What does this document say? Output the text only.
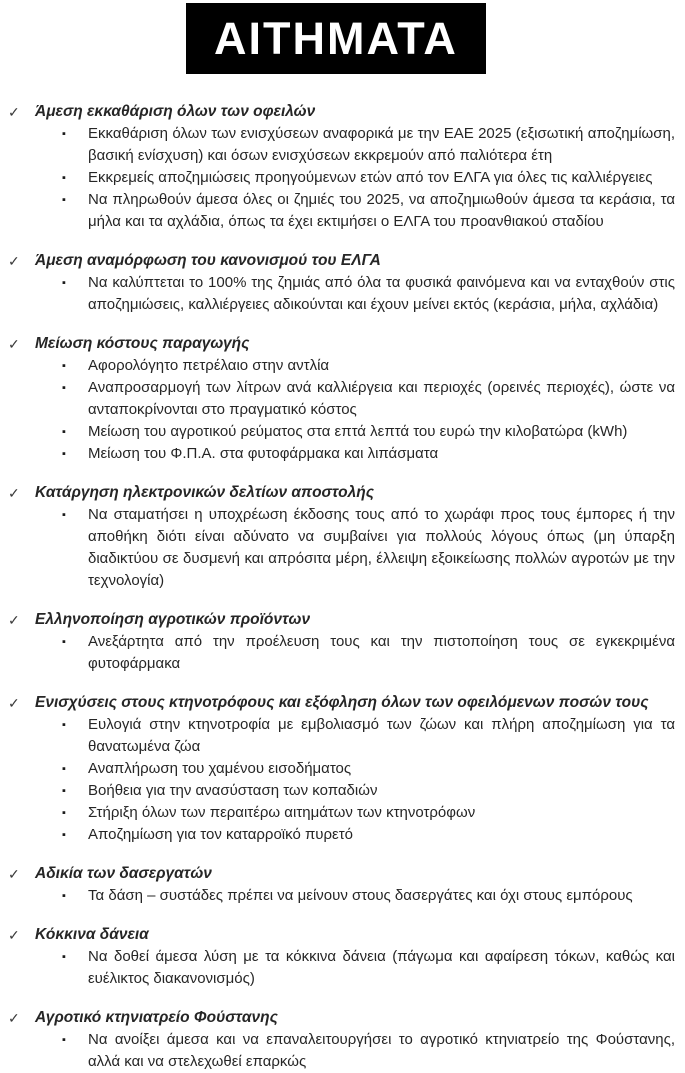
ΑΙΤΗΜΑΤΑ
✓ Άμεση εκκαθάριση όλων των οφειλών
▪	Εκκαθάριση όλων των ενισχύσεων αναφορικά με την ΕΑΕ 2025 (εξισωτική αποζημίωση, βασική ενίσχυση) και όσων ενισχύσεων εκκρεμούν από παλιότερα έτη
▪	Εκκρεμείς αποζημιώσεις προηγούμενων ετών από τον ΕΛΓΑ για όλες τις καλλιέργειες
▪	Να πληρωθούν άμεσα όλες οι ζημιές του 2025, να αποζημιωθούν άμεσα τα κεράσια, τα μήλα και τα αχλάδια, όπως τα έχει εκτιμήσει ο ΕΛΓΑ του προανθιακού σταδίου
✓ Άμεση αναμόρφωση του κανονισμού του ΕΛΓΑ
▪	Να καλύπτεται το 100% της ζημιάς από όλα τα φυσικά φαινόμενα και να ενταχθούν στις αποζημιώσεις, καλλιέργειες αδικούνται και έχουν μείνει εκτός (κεράσια, μήλα, αχλάδια)
✓ Μείωση κόστους παραγωγής
▪	Αφορολόγητο πετρέλαιο στην αντλία
▪	Αναπροσαρμογή των λίτρων ανά καλλιέργεια και περιοχές (ορεινές περιοχές), ώστε να ανταποκρίνονται στο πραγματικό κόστος
▪	Μείωση του αγροτικού ρεύματος στα επτά λεπτά του ευρώ την κιλοβατώρα (kWh)
▪	Μείωση του Φ.Π.Α. στα φυτοφάρμακα και λιπάσματα
✓ Κατάργηση ηλεκτρονικών δελτίων αποστολής
▪	Να σταματήσει η υποχρέωση έκδοσης τους από το χωράφι προς τους έμπορες ή την αποθήκη διότι είναι αδύνατο να συμβαίνει για πολλούς λόγους όπως (μη ύπαρξη διαδικτύου σε δυσμενή και απρόσιτα μέρη, έλλειψη εξοικείωσης πολλών αγροτών με την τεχνολογία)
✓ Ελληνοποίηση αγροτικών προϊόντων
▪	Ανεξάρτητα από την προέλευση τους και την πιστοποίηση τους σε εγκεκριμένα φυτοφάρμακα
✓ Ενισχύσεις στους κτηνοτρόφους και εξόφληση όλων των οφειλόμενων ποσών τους
▪	Ευλογιά στην κτηνοτροφία με εμβολιασμό των ζώων και πλήρη αποζημίωση για τα θανατωμένα ζώα
▪	Αναπλήρωση του χαμένου εισοδήματος
▪	Βοήθεια για την ανασύσταση των κοπαδιών
▪	Στήριξη όλων των περαιτέρω αιτημάτων των κτηνοτρόφων
▪	Αποζημίωση για τον καταρροϊκό πυρετό
✓ Αδικία των δασεργατών
▪	Τα δάση – συστάδες πρέπει να μείνουν στους δασεργάτες και όχι στους εμπόρους
✓ Κόκκινα δάνεια
▪	Να δοθεί άμεσα λύση με τα κόκκινα δάνεια (πάγωμα και αφαίρεση τόκων, καθώς και ευέλικτος διακανονισμός)
✓ Αγροτικό κτηνιατρείο Φούστανης
▪	Να ανοίξει άμεσα και να επαναλειτουργήσει το αγροτικό κτηνιατρείο της Φούστανης, αλλά και να στελεχωθεί επαρκώς
